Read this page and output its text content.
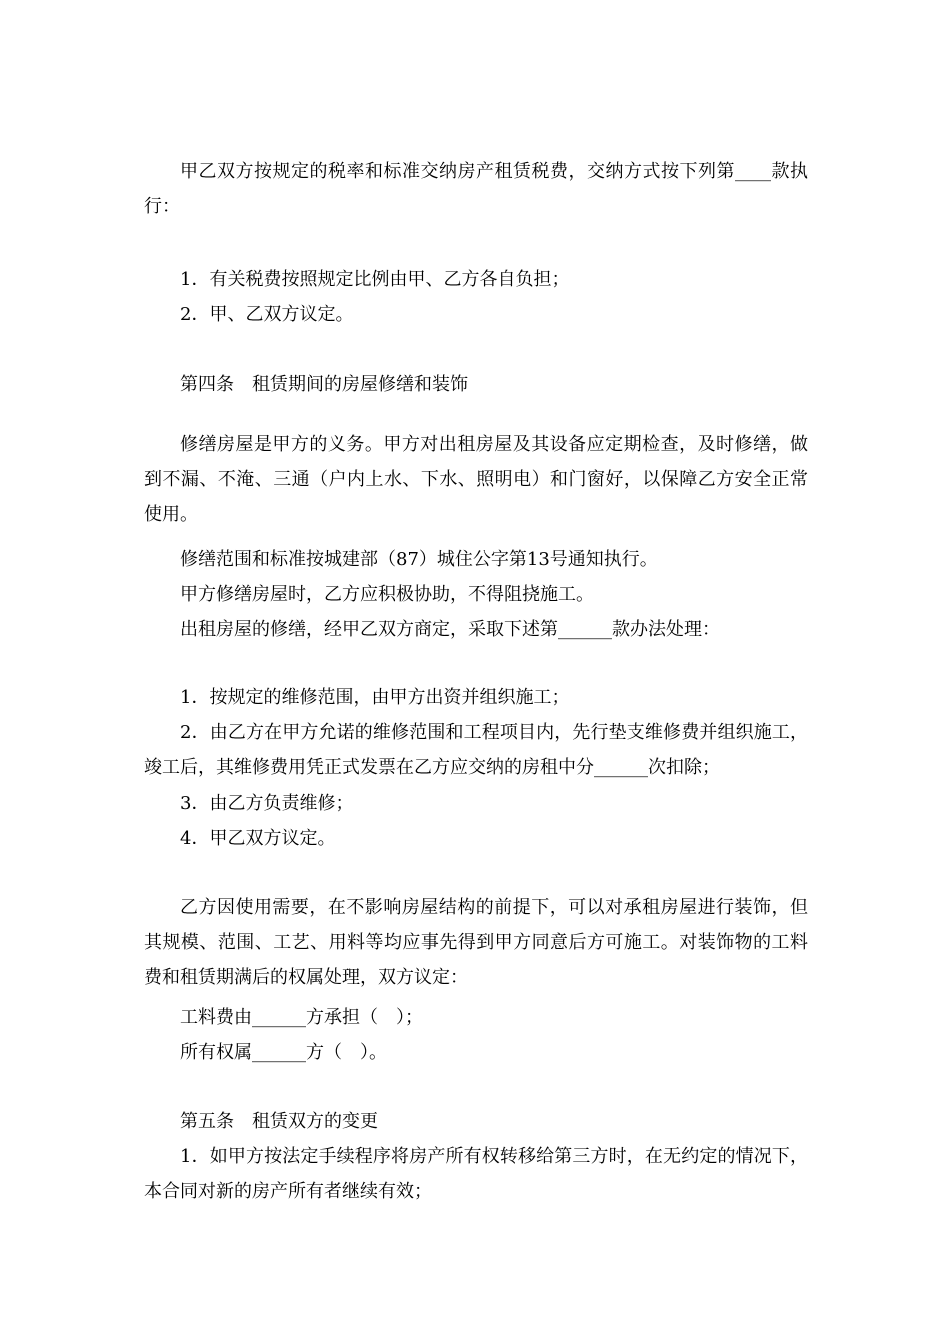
甲乙双方按规定的税率和标准交纳房产租赁税费，交纳方式按下列第____款执行：

1．有关税费按照规定比例由甲、乙方各自负担；

2．甲、乙双方议定。

第四条　租赁期间的房屋修缮和装饰

修缮房屋是甲方的义务。甲方对出租房屋及其设备应定期检查，及时修缮，做到不漏、不淹、三通（户内上水、下水、照明电）和门窗好，以保障乙方安全正常使用。

修缮范围和标准按城建部（87）城住公字第13号通知执行。

甲方修缮房屋时，乙方应积极协助，不得阻挠施工。

出租房屋的修缮，经甲乙双方商定，采取下述第______款办法处理：

1．按规定的维修范围，由甲方出资并组织施工；

2．由乙方在甲方允诺的维修范围和工程项目内，先行垫支维修费并组织施工，竣工后，其维修费用凭正式发票在乙方应交纳的房租中分______次扣除；

3．由乙方负责维修；

4．甲乙双方议定。

乙方因使用需要，在不影响房屋结构的前提下，可以对承租房屋进行装饰，但其规模、范围、工艺、用料等均应事先得到甲方同意后方可施工。对装饰物的工料费和租赁期满后的权属处理，双方议定：

工料费由______方承担（　）；

所有权属______方（　）。

第五条　租赁双方的变更

1．如甲方按法定手续程序将房产所有权转移给第三方时，在无约定的情况下，本合同对新的房产所有者继续有效；
